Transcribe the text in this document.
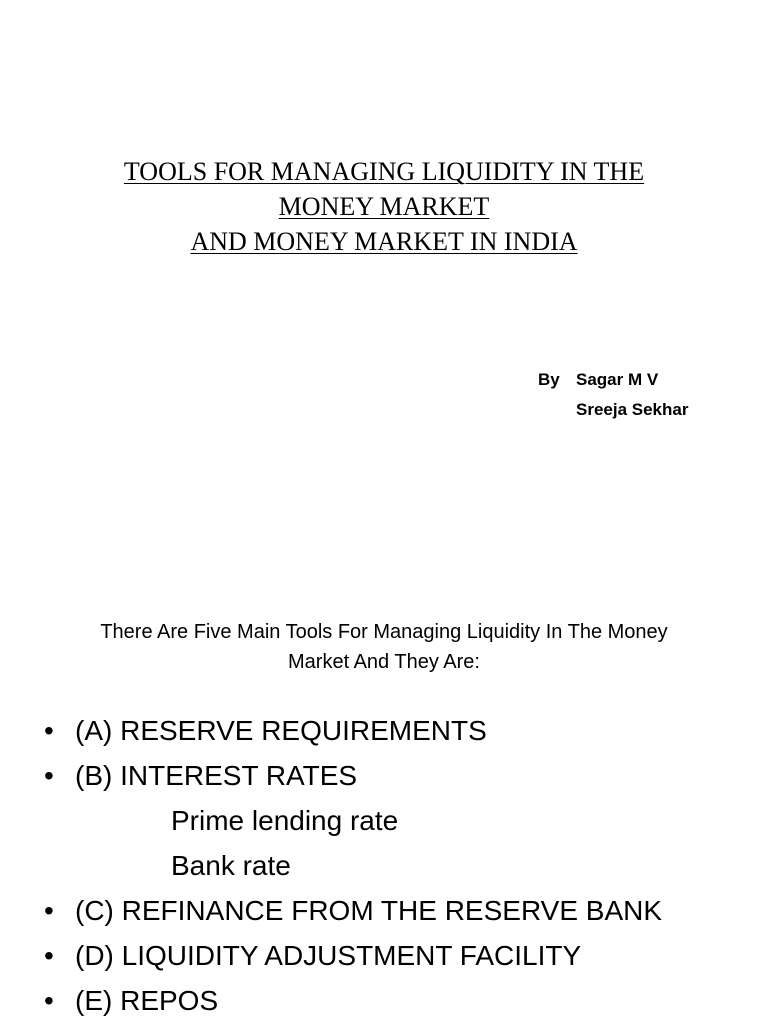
TOOLS FOR MANAGING LIQUIDITY IN THE
MONEY MARKET
AND MONEY MARKET IN INDIA
By Sagar M V
Sreeja Sekhar
There Are Five Main Tools For Managing Liquidity In The Money
Market And They Are:
• (A) RESERVE REQUIREMENTS
• (B) INTEREST RATES
Prime lending rate
Bank rate
• (C) REFINANCE FROM THE RESERVE BANK
• (D) LIQUIDITY ADJUSTMENT FACILITY
• (E) REPOS
